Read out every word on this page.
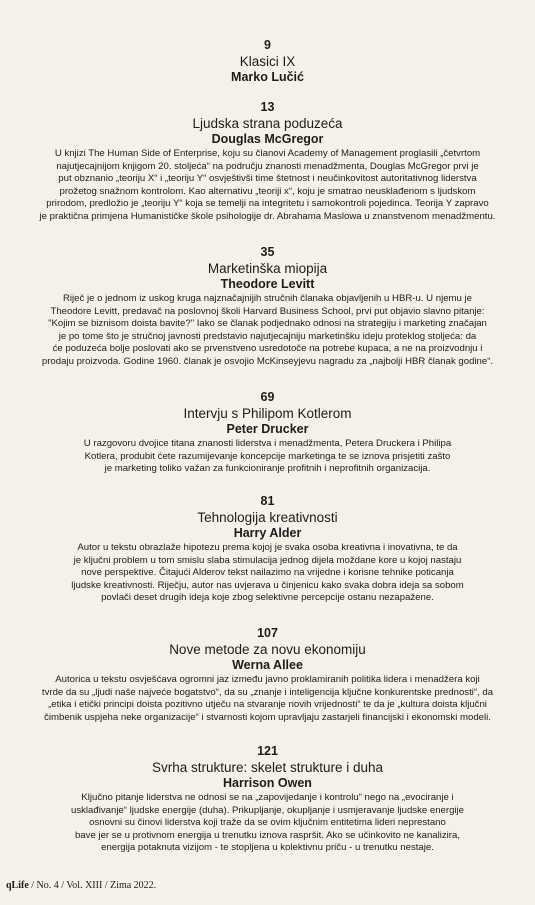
9
Klasici IX
Marko Lučić
13
Ljudska strana poduzeća
Douglas McGregor

U knjizi The Human Side of Enterprise, koju su članovi Academy of Management proglasili „četvrtom

najutjecajnijom knjigom 20. stoljeća“ na području znanosti menadžmenta, Douglas McGregor prvi je

put obznanio „teoriju X“ i „teoriju Y“ osvještivši time štetnost i neučinkovitost autoritativnog liderstva

prožetog snažnom kontrolom. Kao alternativu „teoriji x“, koju je smatrao neusklađenom s ljudskom

prirodom, predložio je „teoriju Y“ koja se temelji na integritetu i samokontroli pojedinca. Teorija Y zapravo

je praktična primjena Humanističke škole psihologije dr. Abrahama Maslowa u znanstvenom menadžmentu.

35
Marketinška miopija
Theodore Levitt

Riječ je o jednom iz uskog kruga najznačajnijih stručnih članaka objavljenih u HBR-u. U njemu je

Theodore Levitt, predavač na poslovnoj školi Harvard Business School, prvi put objavio slavno pitanje:

"Kojim se biznisom doista bavite?" Iako se članak podjednako odnosi na strategiju i marketing značajan

je po tome što je stručnoj javnosti predstavio najutjecajniju marketinšku ideju proteklog stoljeća: da

će poduzeća bolje poslovati ako se prvenstveno usredotoče na potrebe kupaca, a ne na proizvodnju i

prodaju proizvoda. Godine 1960. članak je osvojio McKinseyjevu nagradu za „najbolji HBR članak godine“.

69
Intervju s Philipom Kotlerom
Peter Drucker

U razgovoru dvojice titana znanosti liderstva i menadžmenta, Petera Druckera i Philipa

Kotlera, produbit ćete razumijevanje koncepcije marketinga te se iznova prisjetiti zašto

je marketing toliko važan za funkcioniranje profitnih i neprofitnih organizacija.

81
Tehnologija kreativnosti
Harry Alder

Autor u tekstu obrazlaže hipotezu prema kojoj je svaka osoba kreativna i inovativna, te da

je ključni problem u tom smislu slaba stimulacija jednog dijela moždane kore u kojoj nastaju

nove perspektive. Čitajući Alderov tekst nailazimo na vrijedne i korisne tehnike poticanja

ljudske kreativnosti. Riječju, autor nas uvjerava u činjenicu kako svaka dobra ideja sa sobom

povlači deset drugih ideja koje zbog selektivne percepcije ostanu nezapažene.

107
Nove metode za novu ekonomiju
Werna Allee

Autorica u tekstu osvješćava ogromni jaz između javno proklamiranih politika lidera i menadžera koji

tvrde da su „ljudi naše najveće bogatstvo“, da su „znanje i inteligencija ključne konkurentske prednosti“, da

„etika i etički principi doista pozitivno utječu na stvaranje novih vrijednosti“ te da je „kultura doista ključni

čimbenik uspjeha neke organizacije“ i stvarnosti kojom upravljaju zastarjeli financijski i ekonomski modeli.

121
Svrha strukture: skelet strukture i duha
Harrison Owen

Ključno pitanje liderstva ne odnosi se na „zapovijedanje i kontrolu“ nego na „evociranje i

usklađivanje“ ljudske energije (duha). Prikupljanje, okupljanje i usmjeravanje ljudske energije

osnovni su činovi liderstva koji traže da se ovim ključnim entitetima lideri neprestano

bave jer se u protivnom energija u trenutku iznova raspršit. Ako se učinkovito ne kanalizira,

energija potaknuta vizijom - te stopljena u kolektivnu priču - u trenutku nestaje.

qLife / No. 4 / Vol. XIII / Zima 2022.
